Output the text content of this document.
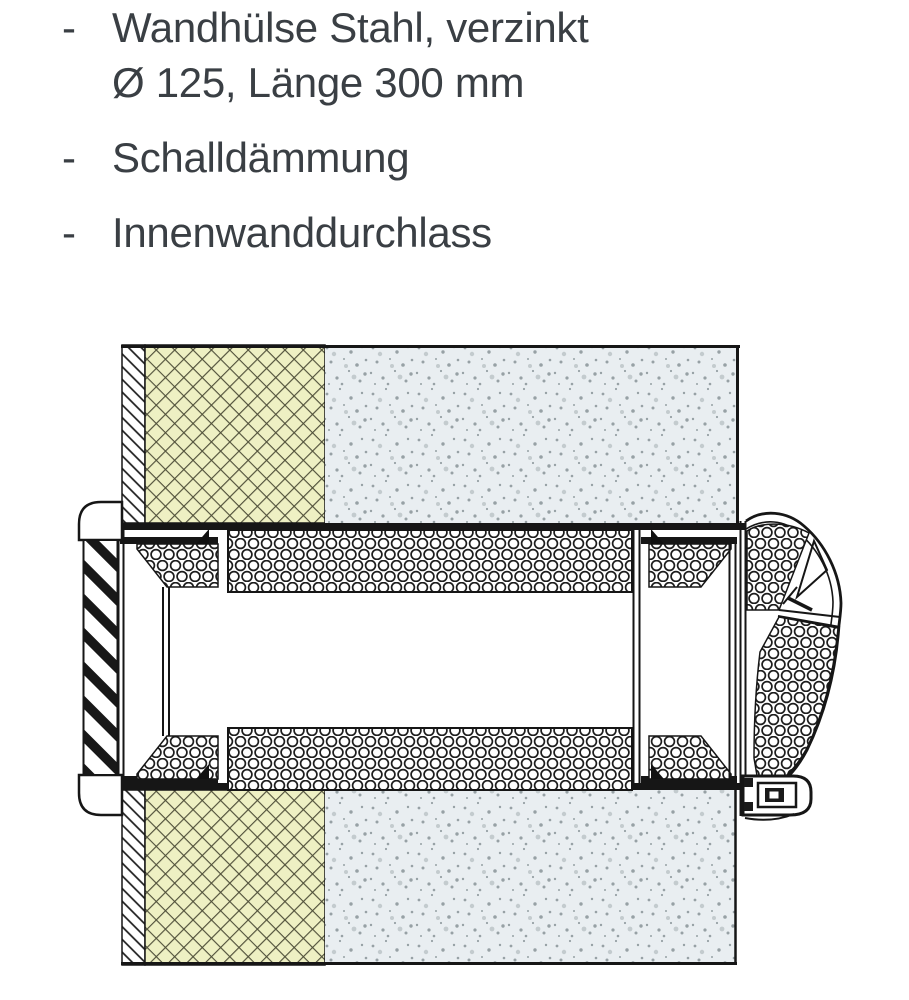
- Wandhülse Stahl, verzinkt
Ø 125, Länge 300 mm
- Schalldämmung
- Innenwanddurchlass
